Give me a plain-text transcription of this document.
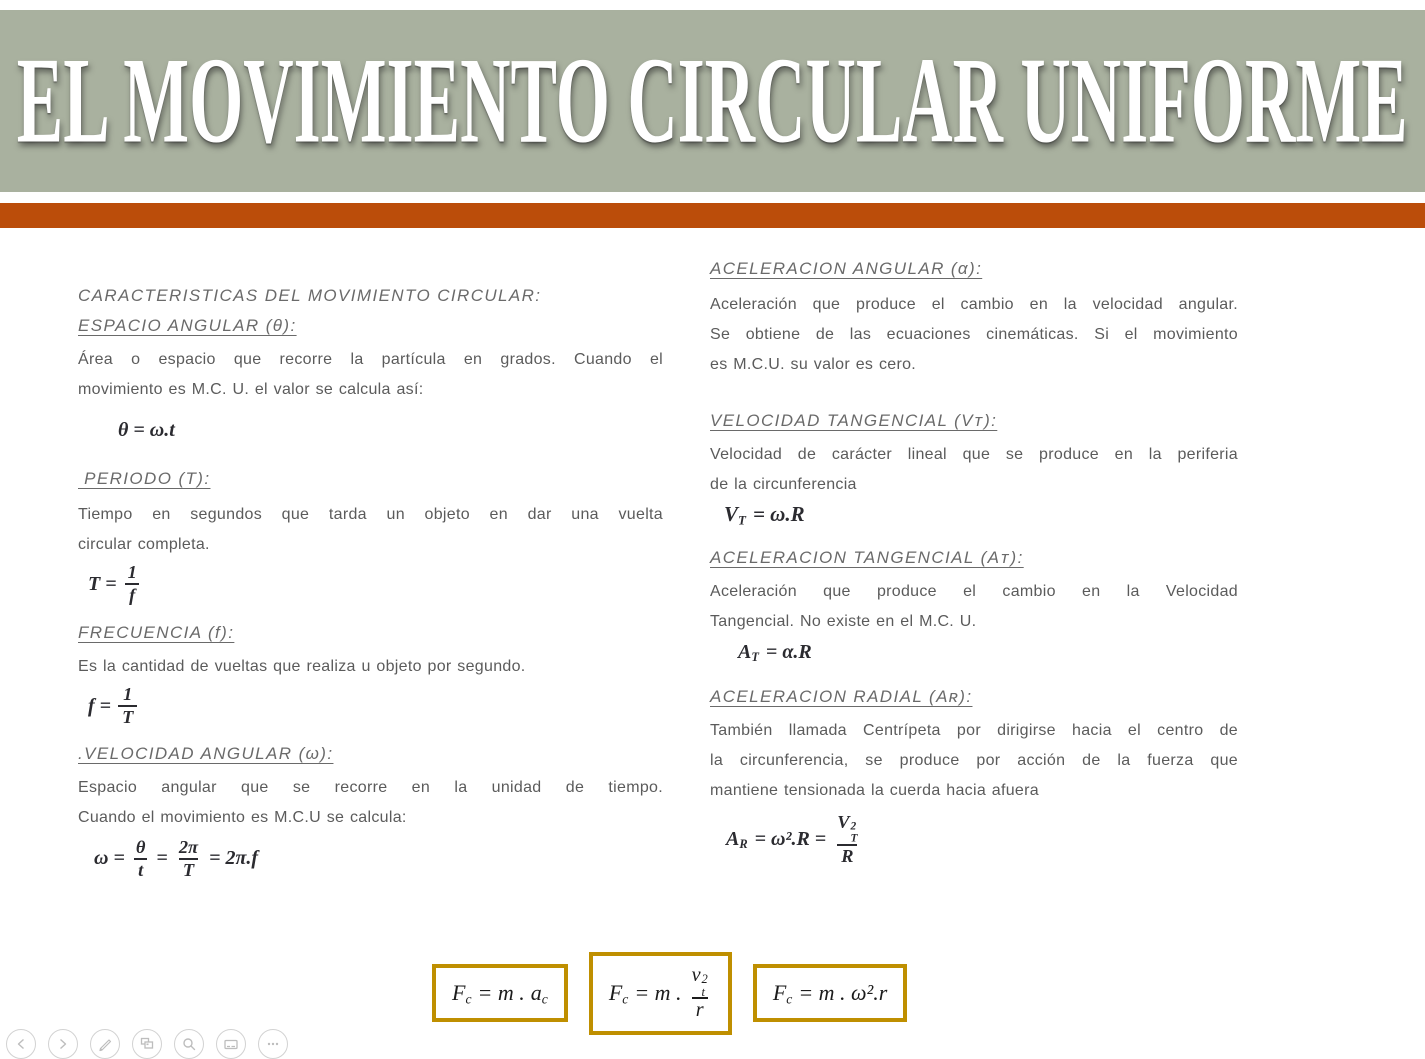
EL MOVIMIENTO CIRCULAR UNIFORME
CARACTERISTICAS DEL MOVIMIENTO CIRCULAR:
ESPACIO ANGULAR (θ):
Área o espacio que recorre la partícula en grados. Cuando el
movimiento es M.C. U. el valor se calcula así:
θ = ω.t
PERIODO (T):
Tiempo en segundos que tarda un objeto en dar una vuelta
circular completa.
$T = \frac{1}{f}$
FRECUENCIA (f):
Es la cantidad de vueltas que realiza u objeto por segundo.
$f = \frac{1}{T}$
.VELOCIDAD ANGULAR (ω):
Espacio angular que se recorre en la unidad de tiempo.
Cuando el movimiento es M.C.U se calcula:
$\omega = \frac{\theta}{t} = \frac{2\pi}{T} = 2\pi.f$
ACELERACION ANGULAR (α):
Aceleración que produce el cambio en la velocidad angular.
Se obtiene de las ecuaciones cinemáticas. Si el movimiento
es M.C.U. su valor es cero.
VELOCIDAD TANGENCIAL (Vᴛ):
Velocidad de carácter lineal que se produce en la periferia
de la circunferencia
$V_T = \omega.R$
ACELERACION TANGENCIAL (Aᴛ):
Aceleración que produce el cambio en la Velocidad
Tangencial. No existe en el M.C. U.
$A_T = \alpha.R$
ACELERACION RADIAL (Aʀ):
También llamada Centrípeta por dirigirse hacia el centro de
la circunferencia, se produce por acción de la fuerza que
mantiene tensionada la cuerda hacia afuera
$A_R = \omega^2.R = V$ 2
T
R
$F_c = m$ . $a_c$	$F_c = m$ . v 2
t
r	$F_c = m$ . ω².r
